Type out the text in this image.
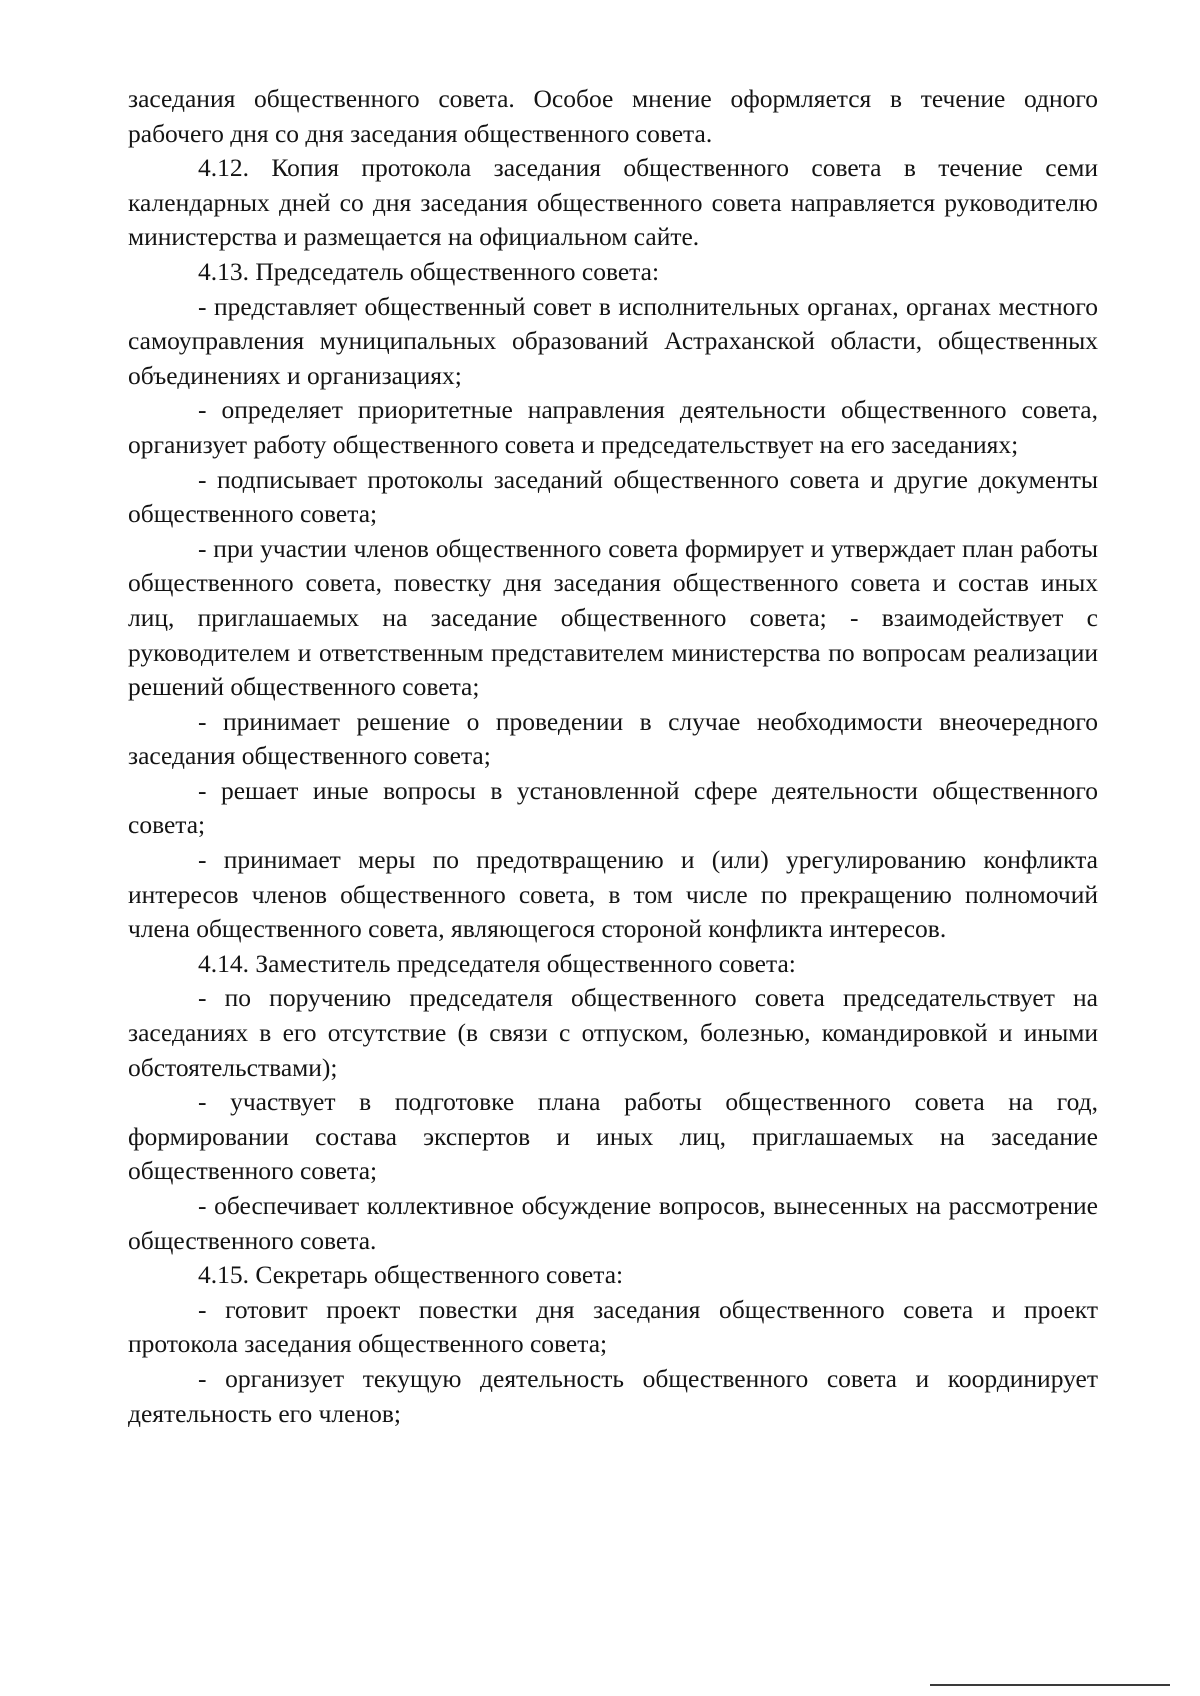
заседания общественного совета. Особое мнение оформляется в течение одного рабочего дня со дня заседания общественного совета.

4.12. Копия протокола заседания общественного совета в течение семи календарных дней со дня заседания общественного совета направляется руководителю министерства и размещается на официальном сайте.

4.13. Председатель общественного совета:

- представляет общественный совет в исполнительных органах, органах местного самоуправления муниципальных образований Астраханской области, общественных объединениях и организациях;

- определяет приоритетные направления деятельности общественного совета, организует работу общественного совета и председательствует на его заседаниях;

- подписывает протоколы заседаний общественного совета и другие документы общественного совета;

- при участии членов общественного совета формирует и утверждает план работы общественного совета, повестку дня заседания общественного совета и состав иных лиц, приглашаемых на заседание общественного совета; - взаимодействует с руководителем и ответственным представителем министерства по вопросам реализации решений общественного совета;

- принимает решение о проведении в случае необходимости внеочередного заседания общественного совета;

- решает иные вопросы в установленной сфере деятельности общественного совета;

- принимает меры по предотвращению и (или) урегулированию конфликта интересов членов общественного совета, в том числе по прекращению полномочий члена общественного совета, являющегося стороной конфликта интересов.

4.14. Заместитель председателя общественного совета:

- по поручению председателя общественного совета председательствует на заседаниях в его отсутствие (в связи с отпуском, болезнью, командировкой и иными обстоятельствами);

- участвует в подготовке плана работы общественного совета на год, формировании состава экспертов и иных лиц, приглашаемых на заседание общественного совета;

- обеспечивает коллективное обсуждение вопросов, вынесенных на рассмотрение общественного совета.

4.15. Секретарь общественного совета:

- готовит проект повестки дня заседания общественного совета и проект протокола заседания общественного совета;

- организует текущую деятельность общественного совета и координирует деятельность его членов;
